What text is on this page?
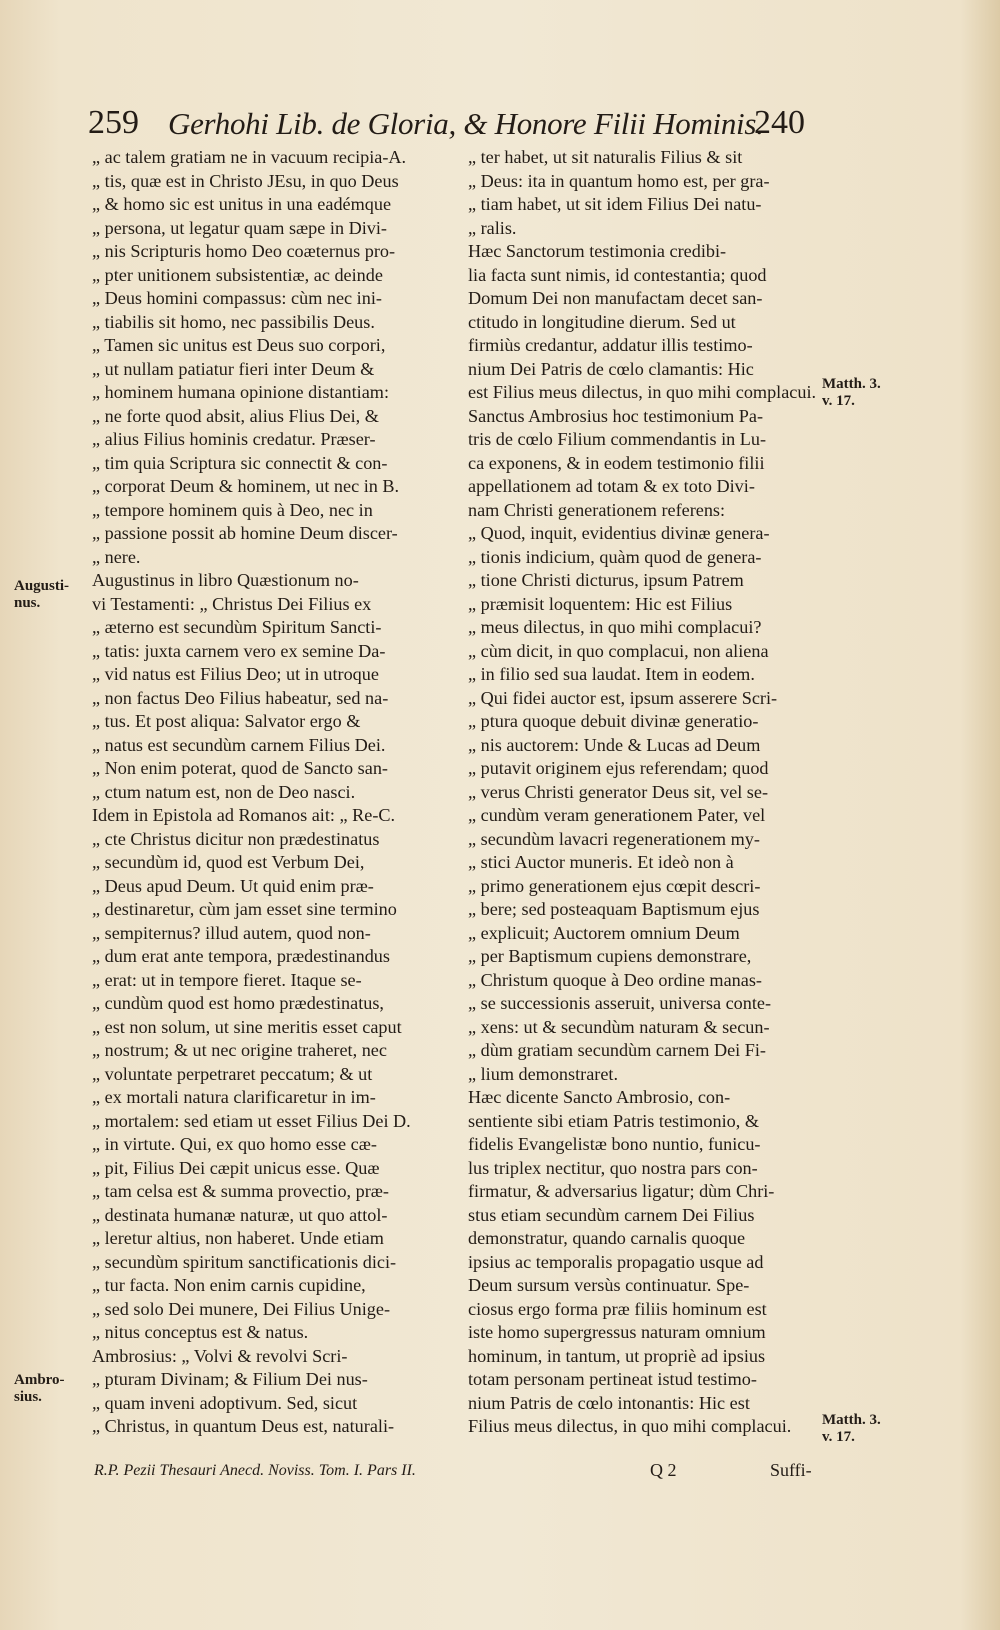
259 Gerhohi Lib. de Gloria, & Honore Filii Hominis.
240
„ ac talem gratiam ne in vacuum recipia-A.
„ tis, quæ est in Christo JEsu, in quo Deus
„ & homo sic est unitus in una eadémque
„ persona, ut legatur quam sæpe in Divi-
„ nis Scripturis homo Deo coæternus pro-
„ pter unitionem subsistentiæ, ac deinde
„ Deus homini compassus: cùm nec ini-
„ tiabilis sit homo, nec passibilis Deus.
„ Tamen sic unitus est Deus suo corpori,
„ ut nullam patiatur fieri inter Deum &
„ hominem humana opinione distantiam:
„ ne forte quod absit, alius Flius Dei, &
„ alius Filius hominis credatur. Præser-
„ tim quia Scriptura sic connectit & con-
„ corporat Deum & hominem, ut nec in B.
„ tempore hominem quis à Deo, nec in
„ passione possit ab homine Deum discer-
„ nere.
Augustinus in libro Quæstionum no-
vi Testamenti: „ Christus Dei Filius ex
„ æterno est secundùm Spiritum Sancti-
„ tatis: juxta carnem vero ex semine Da-
„ vid natus est Filius Deo; ut in utroque
„ non factus Deo Filius habeatur, sed na-
„ tus. Et post aliqua: Salvator ergo &
„ natus est secundùm carnem Filius Dei.
„ Non enim poterat, quod de Sancto san-
„ ctum natum est, non de Deo nasci.
Idem in Epistola ad Romanos ait: „ Re-C.
„ cte Christus dicitur non prædestinatus
„ secundùm id, quod est Verbum Dei,
„ Deus apud Deum. Ut quid enim præ-
„ destinaretur, cùm jam esset sine termino
„ sempiternus? illud autem, quod non-
„ dum erat ante tempora, prædestinandus
„ erat: ut in tempore fieret. Itaque se-
„ cundùm quod est homo prædestinatus,
„ est non solum, ut sine meritis esset caput
„ nostrum; & ut nec origine traheret, nec
„ voluntate perpetraret peccatum; & ut
„ ex mortali natura clarificaretur in im-
„ mortalem: sed etiam ut esset Filius Dei D.
„ in virtute. Qui, ex quo homo esse cæ-
„ pit, Filius Dei cæpit unicus esse. Quæ
„ tam celsa est & summa provectio, præ-
„ destinata humanæ naturæ, ut quo attol-
„ leretur altius, non haberet. Unde etiam
„ secundùm spiritum sanctificationis dici-
„ tur facta. Non enim carnis cupidine,
„ sed solo Dei munere, Dei Filius Unige-
„ nitus conceptus est & natus.
Ambrosius: „ Volvi & revolvi Scri-
„ pturam Divinam; & Filium Dei nus-
„ quam inveni adoptivum. Sed, sicut
„ Christus, in quantum Deus est, naturali-
„ ter habet, ut sit naturalis Filius & sit
„ Deus: ita in quantum homo est, per gra-
„ tiam habet, ut sit idem Filius Dei natu-
„ ralis.
Hæc Sanctorum testimonia credibi-
lia facta sunt nimis, id contestantia; quod
Domum Dei non manufactam decet san-
ctitudo in longitudine dierum. Sed ut
firmiùs credantur, addatur illis testimo-
nium Dei Patris de cœlo clamantis: Hic
est Filius meus dilectus, in quo mihi complacui.
Sanctus Ambrosius hoc testimonium Pa-
tris de cœlo Filium commendantis in Lu-
ca exponens, & in eodem testimonio filii
appellationem ad totam & ex toto Divi-
nam Christi generationem referens:
„ Quod, inquit, evidentius divinæ genera-
„ tionis indicium, quàm quod de genera-
„ tione Christi dicturus, ipsum Patrem
„ præmisit loquentem: Hic est Filius
„ meus dilectus, in quo mihi complacui?
„ cùm dicit, in quo complacui, non aliena
„ in filio sed sua laudat. Item in eodem.
„ Qui fidei auctor est, ipsum asserere Scri-
„ ptura quoque debuit divinæ generatio-
„ nis auctorem: Unde & Lucas ad Deum
„ putavit originem ejus referendam; quod
„ verus Christi generator Deus sit, vel se-
„ cundùm veram generationem Pater, vel
„ secundùm lavacri regenerationem my-
„ stici Auctor muneris. Et ideò non à
„ primo generationem ejus cœpit descri-
„ bere; sed posteaquam Baptismum ejus
„ explicuit; Auctorem omnium Deum
„ per Baptismum cupiens demonstrare,
„ Christum quoque à Deo ordine manas-
„ se successionis asseruit, universa conte-
„ xens: ut & secundùm naturam & secun-
„ dùm gratiam secundùm carnem Dei Fi-
„ lium demonstraret.
Hæc dicente Sancto Ambrosio, con-
sentiente sibi etiam Patris testimonio, &
fidelis Evangelistæ bono nuntio, funicu-
lus triplex nectitur, quo nostra pars con-
firmatur, & adversarius ligatur; dùm Chri-
stus etiam secundùm carnem Dei Filius
demonstratur, quando carnalis quoque
ipsius ac temporalis propagatio usque ad
Deum sursum versùs continuatur. Spe-
ciosus ergo forma præ filiis hominum est
iste homo supergressus naturam omnium
hominum, in tantum, ut propriè ad ipsius
totam personam pertineat istud testimo-
nium Patris de cœlo intonantis: Hic est
Filius meus dilectus, in quo mihi complacui.
Augusti-
nus.
Ambro-
sius.
Matth. 3.
v. 17.
Matth. 3.
v. 17.
R.P. Pezii Thesauri Anecd. Noviss. Tom. I. Pars II.	Q 2	Suffi-
